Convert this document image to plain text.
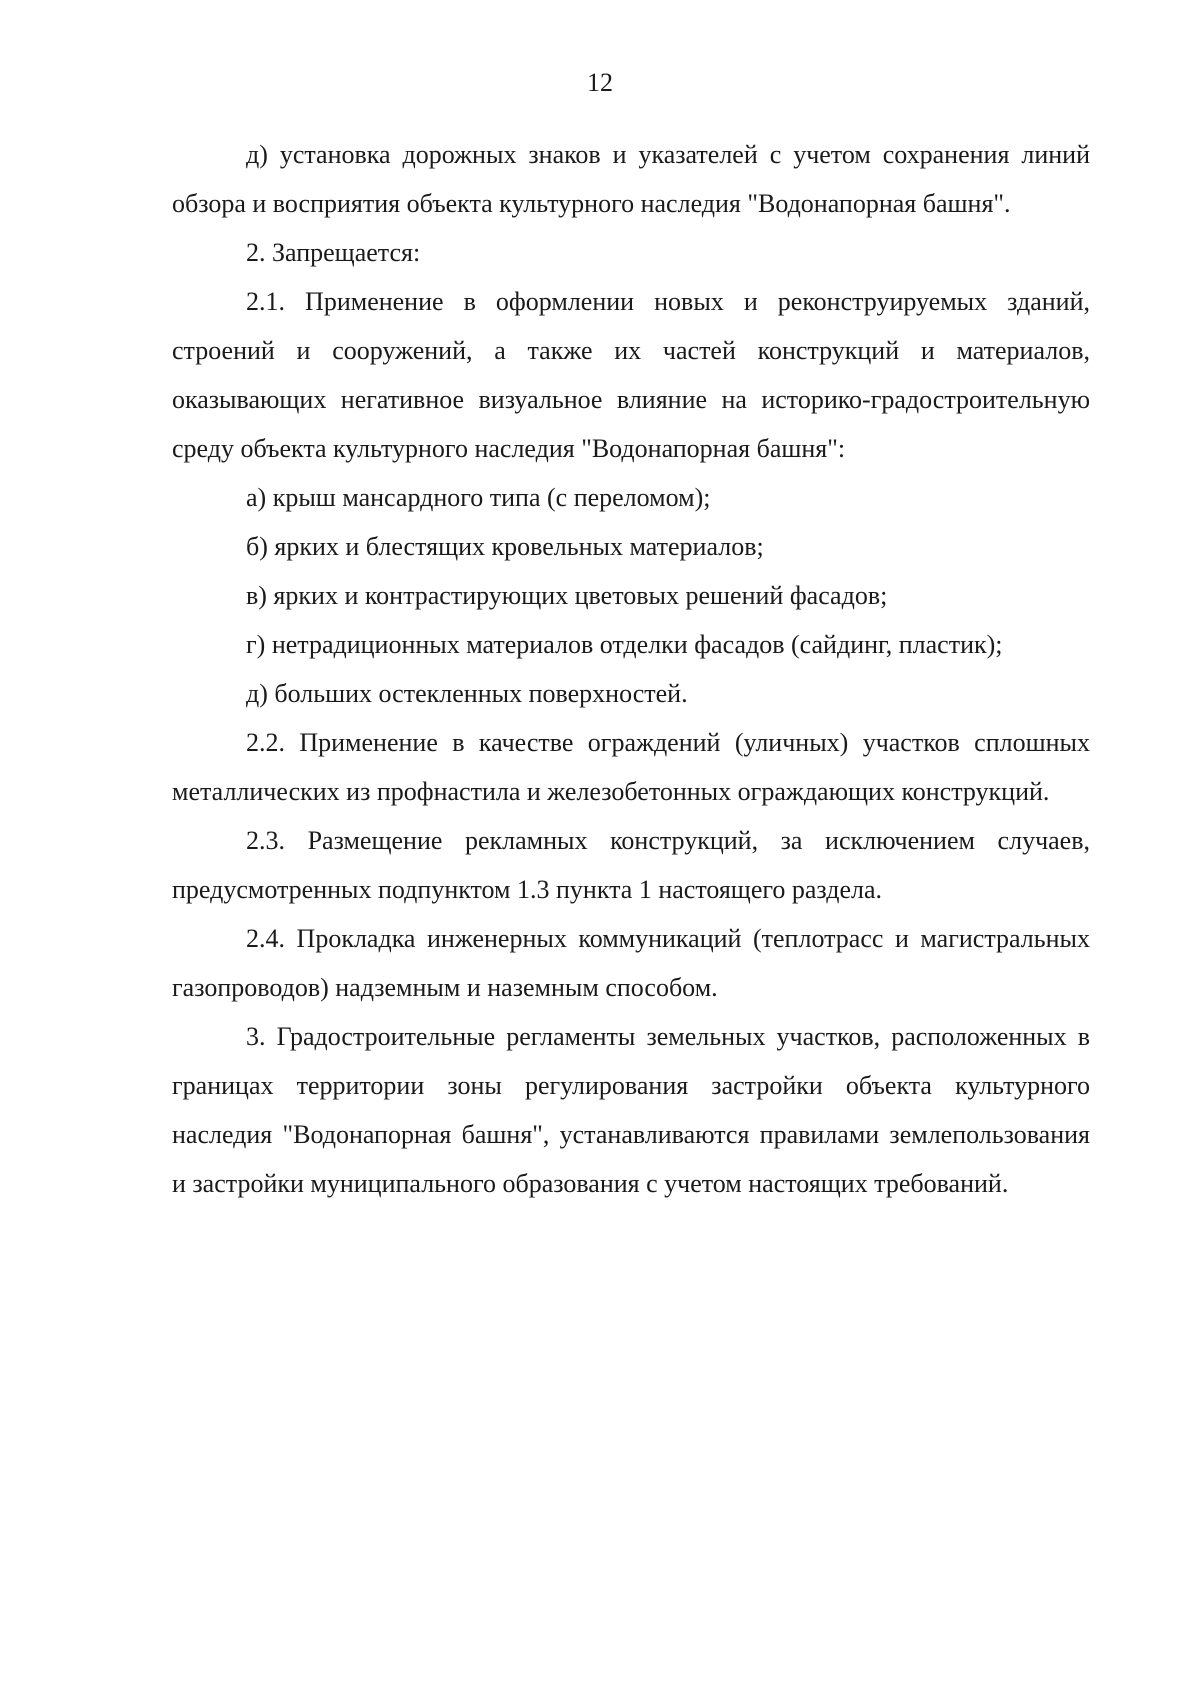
12

д) установка дорожных знаков и указателей с учетом сохранения линий обзора и восприятия объекта культурного наследия "Водонапорная башня".

2. Запрещается:

2.1. Применение в оформлении новых и реконструируемых зданий, строений и сооружений, а также их частей конструкций и материалов, оказывающих негативное визуальное влияние на историко-градостроительную среду объекта культурного наследия "Водонапорная башня":

а) крыш мансардного типа (с переломом);

б) ярких и блестящих кровельных материалов;

в) ярких и контрастирующих цветовых решений фасадов;

г) нетрадиционных материалов отделки фасадов (сайдинг, пластик);

д) больших остекленных поверхностей.

2.2. Применение в качестве ограждений (уличных) участков сплошных металлических из профнастила и железобетонных ограждающих конструкций.

2.3. Размещение рекламных конструкций, за исключением случаев, предусмотренных подпунктом 1.3 пункта 1 настоящего раздела.

2.4. Прокладка инженерных коммуникаций (теплотрасс и магистральных газопроводов) надземным и наземным способом.

3. Градостроительные регламенты земельных участков, расположенных в границах территории зоны регулирования застройки объекта культурного наследия "Водонапорная башня", устанавливаются правилами землепользования и застройки муниципального образования с учетом настоящих требований.
